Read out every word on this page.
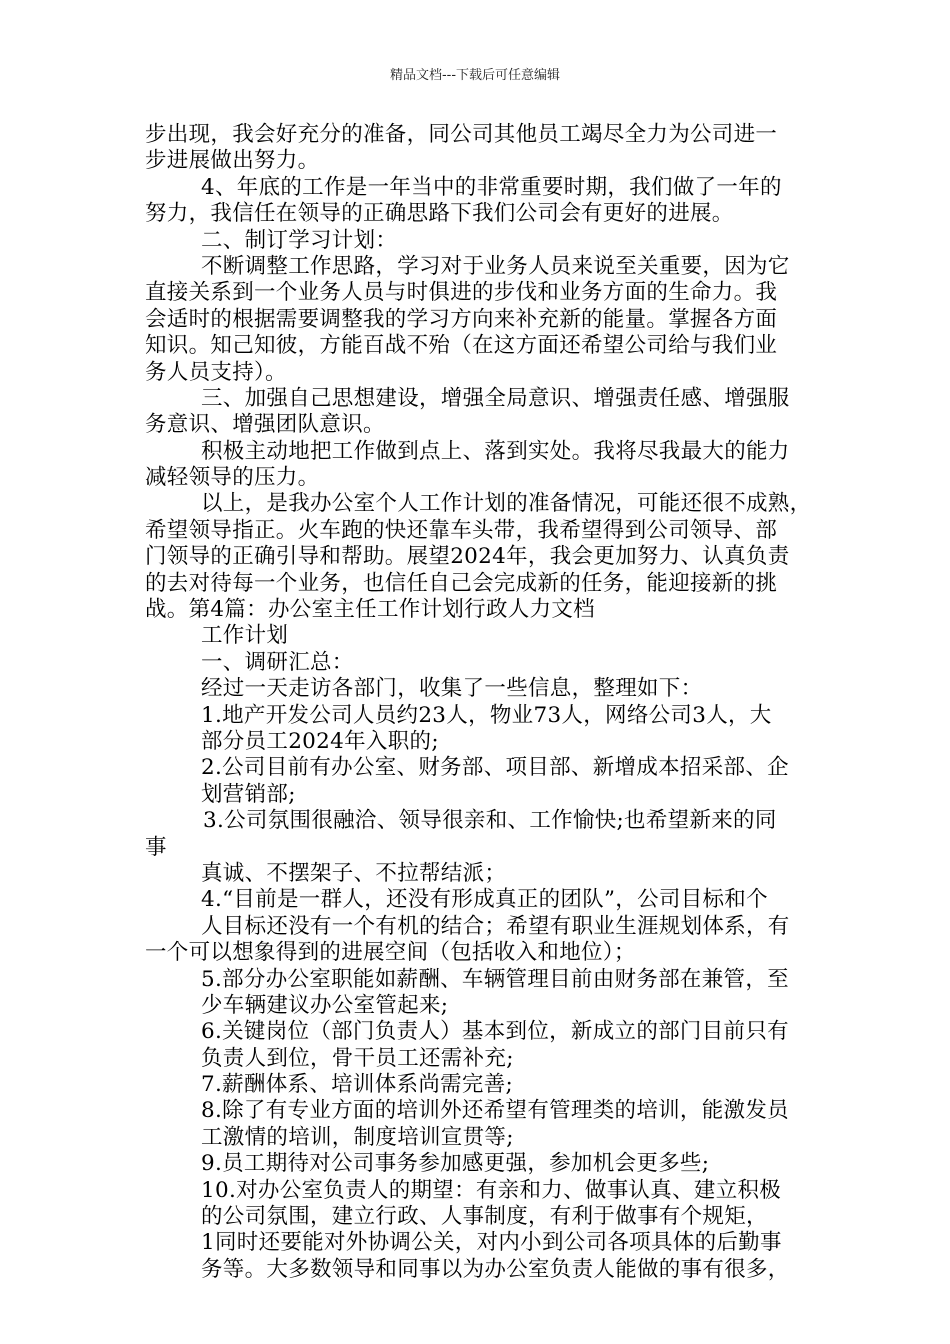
精品文档---下载后可任意编辑
步出现，我会好充分的准备，同公司其他员工竭尽全力为公司进一
步进展做出努力。
4、年底的工作是一年当中的非常重要时期，我们做了一年的
努力，我信任在领导的正确思路下我们公司会有更好的进展。
二、制订学习计划：
不断调整工作思路，学习对于业务人员来说至关重要，因为它
直接关系到一个业务人员与时俱进的步伐和业务方面的生命力。我
会适时的根据需要调整我的学习方向来补充新的能量。掌握各方面
知识。知己知彼，方能百战不殆（在这方面还希望公司给与我们业
务人员支持）。
三、加强自己思想建设，增强全局意识、增强责任感、增强服
务意识、增强团队意识。
积极主动地把工作做到点上、落到实处。我将尽我最大的能力
减轻领导的压力。
以上，是我办公室个人工作计划的准备情况，可能还很不成熟，
希望领导指正。火车跑的快还靠车头带，我希望得到公司领导、部
门领导的正确引导和帮助。展望2024年，我会更加努力、认真负责
的去对待每一个业务，也信任自己会完成新的任务，能迎接新的挑
战。第4篇：办公室主任工作计划行政人力文档
工作计划
一、调研汇总：
经过一天走访各部门，收集了一些信息，整理如下：
1.地产开发公司人员约23人，物业73人，网络公司3人，大
部分员工2024年入职的;
2.公司目前有办公室、财务部、项目部、新增成本招采部、企
划营销部;
3.公司氛围很融洽、领导很亲和、工作愉快;也希望新来的同
事
真诚、不摆架子、不拉帮结派；
4.“目前是一群人，还没有形成真正的团队”，公司目标和个
人目标还没有一个有机的结合；希望有职业生涯规划体系，有
一个可以想象得到的进展空间（包括收入和地位）；
5.部分办公室职能如薪酬、车辆管理目前由财务部在兼管，至
少车辆建议办公室管起来;
6.关键岗位（部门负责人）基本到位，新成立的部门目前只有
负责人到位，骨干员工还需补充;
7.薪酬体系、培训体系尚需完善;
8.除了有专业方面的培训外还希望有管理类的培训，能激发员
工激情的培训，制度培训宣贯等;
9.员工期待对公司事务参加感更强，参加机会更多些;
10.对办公室负责人的期望：有亲和力、做事认真、建立积极
的公司氛围，建立行政、人事制度，有利于做事有个规矩，
1同时还要能对外协调公关，对内小到公司各项具体的后勤事
务等。大多数领导和同事以为办公室负责人能做的事有很多，
